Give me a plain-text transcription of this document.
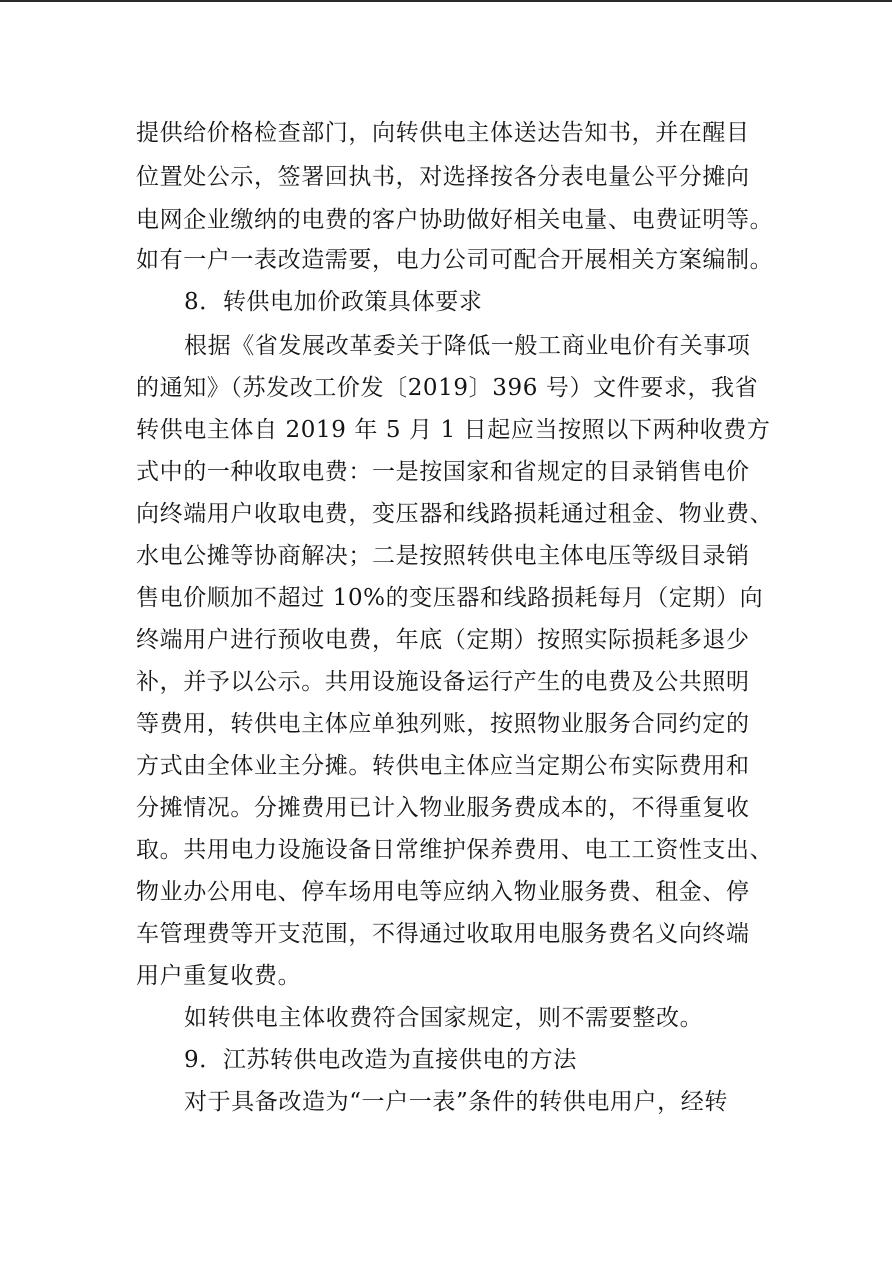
提供给价格检查部门，向转供电主体送达告知书，并在醒目
位置处公示，签署回执书，对选择按各分表电量公平分摊向
电网企业缴纳的电费的客户协助做好相关电量、电费证明等。
如有一户一表改造需要，电力公司可配合开展相关方案编制。
8．转供电加价政策具体要求
根据《省发展改革委关于降低一般工商业电价有关事项
的通知》（苏发改工价发〔2019〕396 号）文件要求，我省
转供电主体自 2019 年 5 月 1 日起应当按照以下两种收费方
式中的一种收取电费：一是按国家和省规定的目录销售电价
向终端用户收取电费，变压器和线路损耗通过租金、物业费、
水电公摊等协商解决；二是按照转供电主体电压等级目录销
售电价顺加不超过 10%的变压器和线路损耗每月（定期）向
终端用户进行预收电费，年底（定期）按照实际损耗多退少
补，并予以公示。共用设施设备运行产生的电费及公共照明
等费用，转供电主体应单独列账，按照物业服务合同约定的
方式由全体业主分摊。转供电主体应当定期公布实际费用和
分摊情况。分摊费用已计入物业服务费成本的，不得重复收
取。共用电力设施设备日常维护保养费用、电工工资性支出、
物业办公用电、停车场用电等应纳入物业服务费、租金、停
车管理费等开支范围，不得通过收取用电服务费名义向终端
用户重复收费。
如转供电主体收费符合国家规定，则不需要整改。
9．江苏转供电改造为直接供电的方法
对于具备改造为“一户一表”条件的转供电用户，经转
